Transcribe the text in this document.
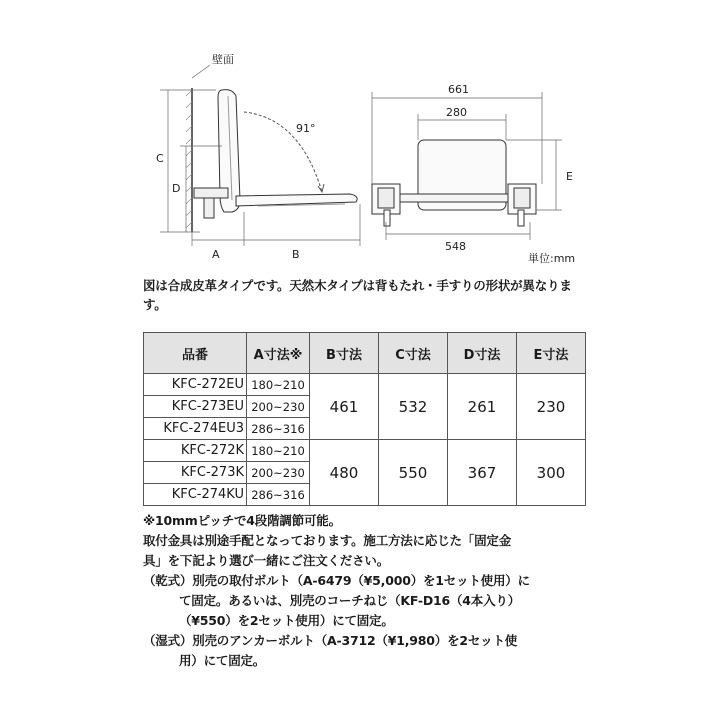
壁面
91°
A	B
C
D
661
280
548
E
単位:mm
図は合成皮革タイプです。天然木タイプは背もたれ・手すりの形状が異なります。
品番	A寸法※	B寸法	C寸法	D寸法	E寸法
KFC-272EU	180~210	461	532	261	230
KFC-273EU	200~230				
KFC-274EU3	286~316				
KFC-272K	180~210	480	550	367	300
KFC-273K	200~230				
KFC-274KU	286~316				
※10mmピッチで4段階調節可能。
取付金具は別途手配となっております。施工方法に応じた「固定金
具」を下記より選び一緒にご注文ください。
（乾式）別売の取付ボルト（A-6479（¥5,000）を1セット使用）に
て固定。あるいは、別売のコーチねじ（KF-D16（4本入り）
（¥550）を2セット使用）にて固定。
（湿式）別売のアンカーボルト（A-3712（¥1,980）を2セット使
用）にて固定。
